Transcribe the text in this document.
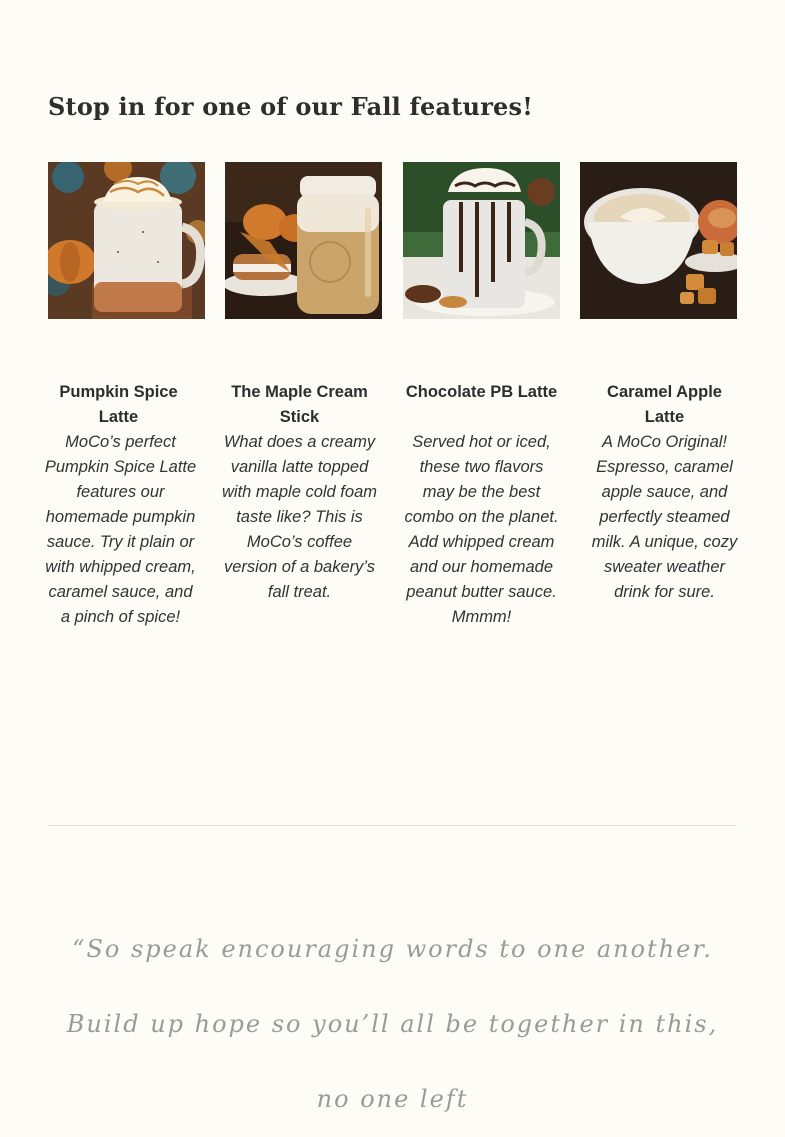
Stop in for one of our Fall features!
Pumpkin Spice Latte
MoCo’s perfect Pumpkin Spice Latte features our homemade pumpkin sauce. Try it plain or with whipped cream, caramel sauce, and a pinch of spice!
The Maple Cream Stick
What does a creamy vanilla latte topped with maple cold foam taste like? This is MoCo’s coffee version of a bakery’s fall treat.
Chocolate PB Latte
Served hot or iced, these two flavors may be the best combo on the planet. Add whipped cream and our homemade peanut butter sauce. Mmmm!
Caramel Apple Latte
A MoCo Original! Espresso, caramel apple sauce, and perfectly steamed milk. A unique, cozy sweater weather drink for sure.

“So speak encouraging words to one another. Build up hope so you’ll all be together in this, no one left
